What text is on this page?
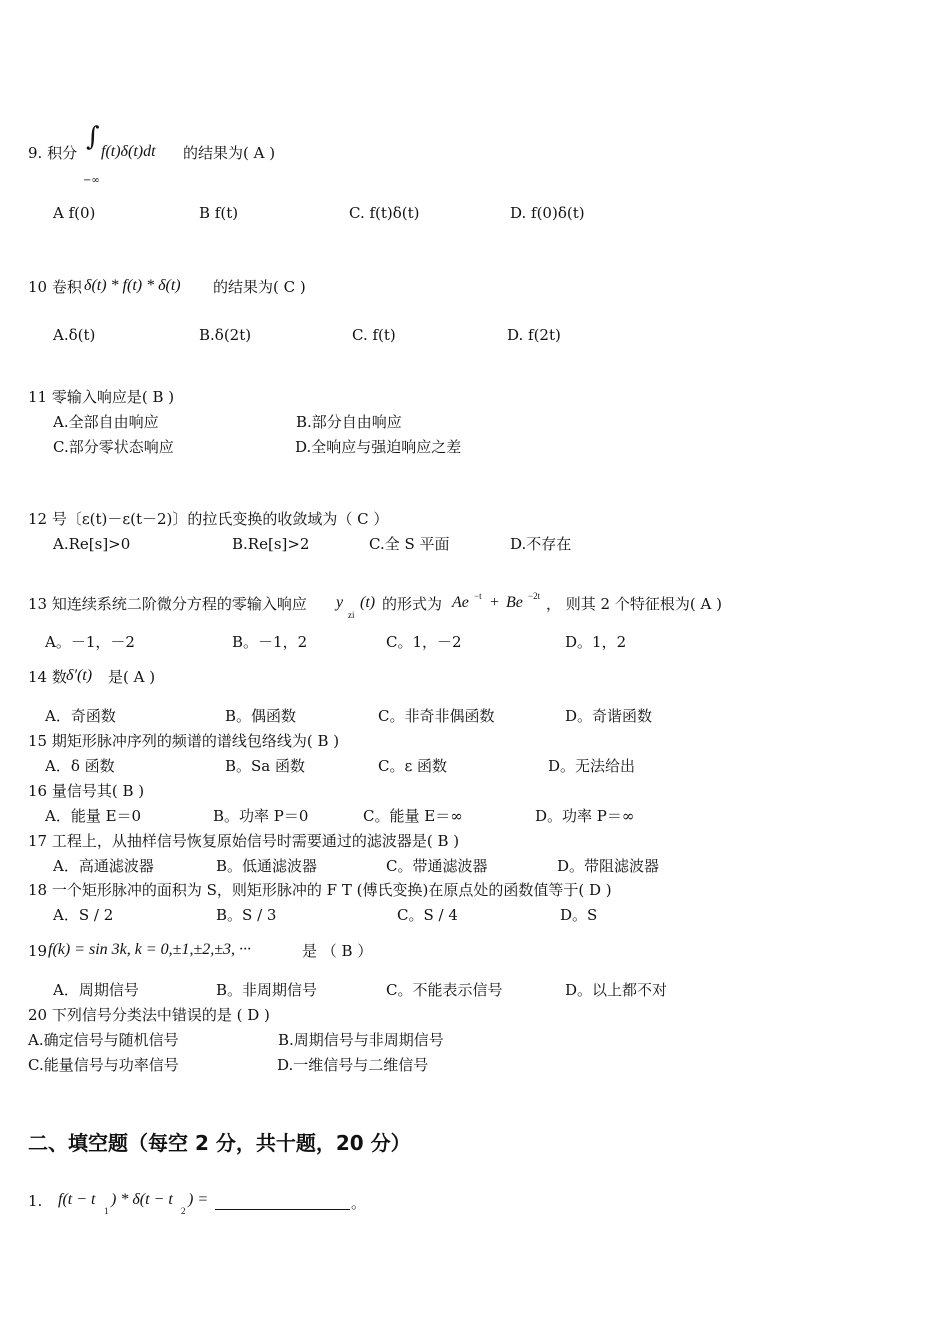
9. 积分
∫ f(t)δ(t)dt 的结果为( A )
−∞
A f(0)	B f(t)	C. f(t)δ(t)	D. f(0)δ(t)
10 卷积 δ(t) * f(t) * δ(t) 的结果为( C )
A.δ(t)	B.δ(2t)	C. f(t)	D. f(2t)
11 零输入响应是( B )
A.全部自由响应	B.部分自由响应
C.部分零状态响应	D.全响应与强迫响应之差
12 号〔ε(t)－ε(t－2)〕的拉氏变换的收敛域为（ C ）
A.Re[s]>0	B.Re[s]>2	C.全 S 平面	D.不存在
13 知连续系统二阶微分方程的零输入响应 y
zi
(t) 的形式为 Ae −t + Be −2t ， 则其 2 个特征根为( A )
A。－1，－2	B。－1，2	C。1，－2	D。1，2
14 数 δ′(t) 是( A )
A．奇函数	B。偶函数	C。非奇非偶函数	D。奇谐函数
15 期矩形脉冲序列的频谱的谱线包络线为( B )
A．δ 函数	B。Sa 函数	C。ε 函数	D。无法给出
16 量信号其( B )
A．能量 E＝0	B。功率 P＝0	C。能量 E＝∞	D。功率 P＝∞
17 工程上，从抽样信号恢复原始信号时需要通过的滤波器是( B )
A．高通滤波器	B。低通滤波器	C。带通滤波器	D。带阻滤波器
18 一个矩形脉冲的面积为 S，则矩形脉冲的 F T (傅氏变换)在原点处的函数值等于( D )
A．S / 2	B。S / 3	C。S / 4	D。S
19 f(k) = sin 3k, k = 0,±1,±2,±3, ···	是 （ B ）
A．周期信号	B。非周期信号	C。不能表示信号	D。以上都不对
20 下列信号分类法中错误的是 ( D )
A.确定信号与随机信号	B.周期信号与非周期信号
C.能量信号与功率信号	D.一维信号与二维信号
二、填空题（每空 2 分，共十题，20 分）
1. f(t − t
1
) * δ(t − t
2
) =	。
